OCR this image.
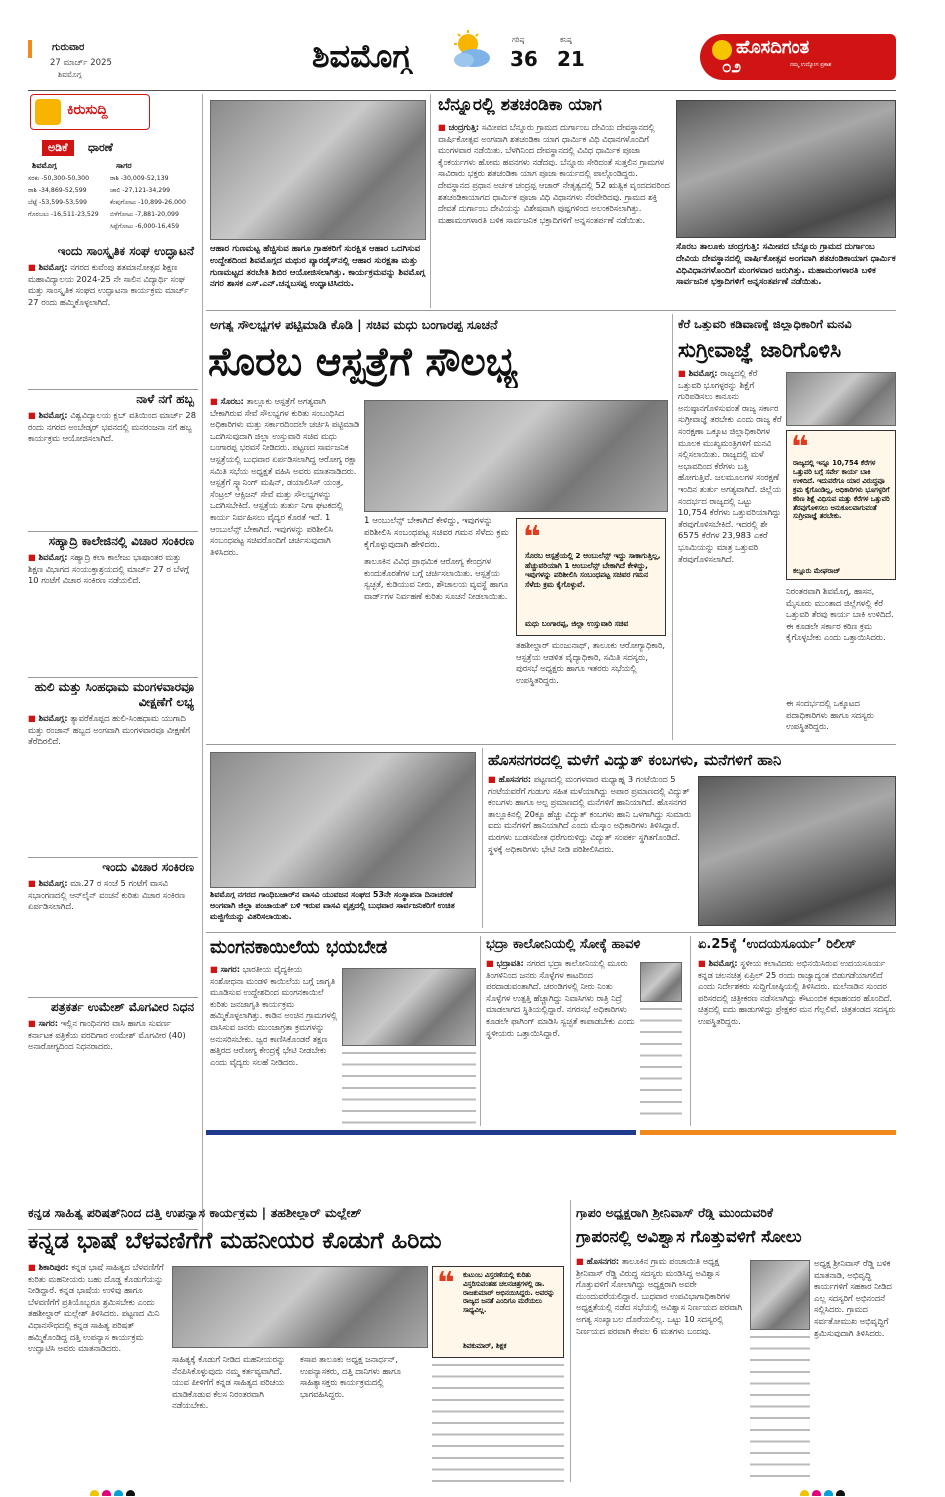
ಗುರುವಾರ
27 ಮಾರ್ಚ್ 2025
ಶಿವಮೊಗ್ಗ	ಶಿವಮೊಗ್ಗ	ಗರಿಷ್ಠ
36
ಕನಿಷ್ಠ
21	ಹೊಸದಿಗಂತ
ನಮ್ಮ ಉದ್ಯೋಗ ಪ್ರಕಾಶ
೦೨
ಕಿರುಸುದ್ದಿ
ಅಡಿಕೆ	ಧಾರಣೆ
ಶಿವಮೊಗ್ಗ	ಸಾಗರ
ಸರಕು -50,300-50,300	ರಾಶಿ -30,009-52,139
ರಾಶಿ -34,869-52,599	ಚಾಲಿ -27,121-34,299
ಬೆಟ್ಟೆ -53,599-53,599	ಕೆಂಪುಗೋಟು -10,899-26,000
ಗೊರಬಲು -16,511-23,529	ಬಿಳೆಗೋಟು -7,881-20,099
ಸಿಪ್ಪೆಗೋಟು -6,000-16,459
ಇಂದು ಸಾಂಸ್ಕೃತಿಕ ಸಂಘ ಉದ್ಘಾಟನೆ
■ ಶಿವಮೊಗ್ಗ: ನಗರದ ಕುವೆಂಪು ಶತಮಾನೋತ್ಸವ ಶಿಕ್ಷಣ ಮಹಾವಿದ್ಯಾಲಯ 2024-25 ನೇ ಸಾಲಿನ ವಿದ್ಯಾರ್ಥಿ ಸಂಘ ಮತ್ತು ಸಾಂಸ್ಕೃತಿಕ ಸಂಘದ ಉದ್ಘಾಟನಾ ಕಾರ್ಯಕ್ರಮ ಮಾರ್ಚ್ 27 ರಂದು ಹಮ್ಮಿಕೊಳ್ಳಲಾಗಿದೆ.
ನಾಳೆ ನಗೆ ಹಬ್ಬ
■ ಶಿವಮೊಗ್ಗ: ವಿಶ್ವವಿದ್ಯಾಲಯ ಕ್ಲಬ್ ವತಿಯಿಂದ ಮಾರ್ಚ್ 28 ರಂದು ನಗರದ ಅಂಬೇಡ್ಕರ್ ಭವನದಲ್ಲಿ ಮನರಂಜನಾ ನಗೆ ಹಬ್ಬ ಕಾರ್ಯಕ್ರಮ ಆಯೋಜಿಸಲಾಗಿದೆ.
ಸಹ್ಯಾದ್ರಿ ಕಾಲೇಜಿನಲ್ಲಿ ವಿಚಾರ ಸಂಕಿರಣ
■ ಶಿವಮೊಗ್ಗ: ಸಹ್ಯಾದ್ರಿ ಕಲಾ ಕಾಲೇಜು ಭಾಷಾಂತರ ಮತ್ತು ಶಿಕ್ಷಣ ವಿಭಾಗದ ಸಂಯುಕ್ತಾಶ್ರಯದಲ್ಲಿ ಮಾರ್ಚ್ 27 ರ ಬೆಳಗ್ಗೆ 10 ಗಂಟೆಗೆ ವಿಚಾರ ಸಂಕಿರಣ ನಡೆಯಲಿದೆ.
ಹುಲಿ ಮತ್ತು ಸಿಂಹಧಾಮ ಮಂಗಳವಾರವೂ ವೀಕ್ಷಣೆಗೆ ಲಭ್ಯ
■ ಶಿವಮೊಗ್ಗ: ತ್ಯಾವರೆಕೊಪ್ಪದ ಹುಲಿ-ಸಿಂಹಧಾಮ ಯುಗಾದಿ ಮತ್ತು ರಂಜಾನ್ ಹಬ್ಬದ ಅಂಗವಾಗಿ ಮಂಗಳವಾರವೂ ವೀಕ್ಷಣೆಗೆ ತೆರೆದಿರಲಿದೆ.
ಇಂದು ವಿಚಾರ ಸಂಕಿರಣ
■ ಶಿವಮೊಗ್ಗ: ಮಾ.27 ರ ಸಂಜೆ 5 ಗಂಟೆಗೆ ವಾಸವಿ ಸಭಾಂಗಣದಲ್ಲಿ ಆನ್‌ಲೈನ್ ವಂಚನೆ ಕುರಿತು ವಿಚಾರ ಸಂಕಿರಣ ಏರ್ಪಡಿಸಲಾಗಿದೆ.
ಪತ್ರಕರ್ತ ಉಮೇಶ್ ಮೊಗವೀರ ನಿಧನ
■ ಸಾಗರ: ಇಲ್ಲಿನ ಗಾಂಧಿನಗರ ವಾಸಿ ಹಾಗೂ ಸುವರ್ಣ ಕರ್ನಾಟಕ ಪತ್ರಿಕೆಯ ವರದಿಗಾರ ಉಮೇಶ್ ಮೊಗವೀರ (40) ಅನಾರೋಗ್ಯದಿಂದ ನಿಧನರಾದರು.
ಆಹಾರ ಗುಣಮಟ್ಟ ಹೆಚ್ಚಿಸುವ ಹಾಗೂ ಗ್ರಾಹಕರಿಗೆ ಸುರಕ್ಷಿತ ಆಹಾರ ಒದಗಿಸುವ ಉದ್ದೇಶದಿಂದ ಶಿವಮೊಗ್ಗದ ಮಥುರ ಪ್ಯಾರಡೈಸ್‌ನಲ್ಲಿ ಆಹಾರ ಸುರಕ್ಷತಾ ಮತ್ತು ಗುಣಮಟ್ಟದ ತರಬೇತಿ ಶಿಬಿರ ಆಯೋಜಿಸಲಾಗಿತ್ತು. ಕಾರ್ಯಕ್ರಮವನ್ನು ಶಿವಮೊಗ್ಗ ನಗರ ಶಾಸಕ ಎಸ್.ಎನ್.ಚನ್ನಬಸಪ್ಪ ಉದ್ಘಾಟಿಸಿದರು.
ಬೆನ್ನೂರಲ್ಲಿ ಶತಚಂಡಿಕಾ ಯಾಗ
■ ಚಂದ್ರಗುತ್ತಿ: ಸಮೀಪದ ಬೆನ್ನೂರು ಗ್ರಾಮದ ದುರ್ಗಾಂಬ ದೇವಿಯ ದೇವಸ್ಥಾನದಲ್ಲಿ ವಾರ್ಷಿಕೋತ್ಸವ ಅಂಗವಾಗಿ ಶತಚಂಡಿಕಾ ಯಾಗ ಧಾರ್ಮಿಕ ವಿಧಿ ವಿಧಾನಗಳೊಂದಿಗೆ ಮಂಗಳವಾರ ನಡೆಯಿತು. ಬೆಳಗಿನಿಂದ ದೇವಸ್ಥಾನದಲ್ಲಿ ವಿವಿಧ ಧಾರ್ಮಿಕ ಪೂಜಾ ಕೈಂಕರ್ಯಗಳು ಹೋಮ ಹವನಗಳು ನಡೆದವು. ಬೆನ್ನೂರು ಸೇರಿದಂತೆ ಸುತ್ತಲಿನ ಗ್ರಾಮಗಳ ಸಾವಿರಾರು ಭಕ್ತರು ಶತಚಂಡಿಕಾ ಯಾಗ ಪೂಜಾ ಕಾರ್ಯದಲ್ಲಿ ಪಾಲ್ಗೊಂಡಿದ್ದರು. ದೇವಸ್ಥಾನದ ಪ್ರಧಾನ ಅರ್ಚಕ ಚಂದ್ರಪ್ಪ ಆಚಾರ್ ನೇತೃತ್ವದಲ್ಲಿ 52 ಋತ್ವಿಕ ವೃಂದದವರಿಂದ ಶತಚಂಡಿಕಾಯಾಗದ ಧಾರ್ಮಿಕ ಪೂಜಾ ವಿಧಿ ವಿಧಾನಗಳು ನೆರವೇರಿದವು. ಗ್ರಾಮದ ಶಕ್ತಿ ದೇವತೆ ದುರ್ಗಾಂಬ ದೇವಿಯನ್ನು ವಿಶೇಷವಾಗಿ ಪುಷ್ಪಗಳಿಂದ ಅಲಂಕರಿಸಲಾಗಿತ್ತು. ಮಹಾಮಂಗಳಾರತಿ ಬಳಿಕ ಸಾರ್ವಜನಿಕ ಭಕ್ತಾದಿಗಳಿಗೆ ಅನ್ನಸಂತರ್ಪಣೆ ನಡೆಯಿತು.
ಸೊರಬ ತಾಲೂಕು ಚಂದ್ರಗುತ್ತಿ: ಸಮೀಪದ ಬೆನ್ನೂರು ಗ್ರಾಮದ ದುರ್ಗಾಂಬ ದೇವಿಯ ದೇವಸ್ಥಾನದಲ್ಲಿ ವಾರ್ಷಿಕೋತ್ಸವ ಅಂಗವಾಗಿ ಶತಚಂಡಿಕಾಯಾಗ ಧಾರ್ಮಿಕ ವಿಧಿವಿಧಾನಗಳೊಂದಿಗೆ ಮಂಗಳವಾರ ಜರುಗಿತ್ತು. ಮಹಾಮಂಗಳಾರತಿ ಬಳಿಕ ಸಾರ್ವಜನಿಕ ಭಕ್ತಾದಿಗಳಿಗೆ ಅನ್ನಸಂತರ್ಪಣೆ ನಡೆಯಿತು.
ಅಗತ್ಯ ಸೌಲಭ್ಯಗಳ ಪಟ್ಟಿಮಾಡಿ ಕೊಡಿ | ಸಚಿವ ಮಧು ಬಂಗಾರಪ್ಪ ಸೂಚನೆ
ಸೊರಬ ಆಸ್ಪತ್ರೆಗೆ ಸೌಲಭ್ಯ
■ ಸೊರಬ: ತಾಲ್ಲೂಕು ಆಸ್ಪತ್ರೆಗೆ ಅಗತ್ಯವಾಗಿ ಬೇಕಾಗಿರುವ ಸೇವೆ ಸೌಲಭ್ಯಗಳ ಕುರಿತು ಸಂಬಂಧಿಸಿದ ಅಧಿಕಾರಿಗಳು ಮತ್ತು ಸರ್ಕಾರದಿಂದಲೇ ಚರ್ಚಿಸಿ ಪಟ್ಟಿಮಾಡಿ ಒದಗಿಸುವುದಾಗಿ ಜಿಲ್ಲಾ ಉಸ್ತುವಾರಿ ಸಚಿವ ಮಧು ಬಂಗಾರಪ್ಪ ಭರವಸೆ ನೀಡಿದರು. ಪಟ್ಟಣದ ಸಾರ್ವಜನಿಕ ಆಸ್ಪತ್ರೆಯಲ್ಲಿ ಬುಧವಾರ ಏರ್ಪಡಿಸಲಾಗಿದ್ದ ಆರೋಗ್ಯ ರಕ್ಷಾ ಸಮಿತಿ ಸಭೆಯ ಅಧ್ಯಕ್ಷತೆ ವಹಿಸಿ ಅವರು ಮಾತನಾಡಿದರು. ಆಸ್ಪತ್ರೆಗೆ ಸ್ಕ್ಯಾನಿಂಗ್ ಮಷಿನ್, ಡಯಾಲಿಸಿಸ್ ಯಂತ್ರ, ಸೆಂಟ್ರಲ್ ಆಕ್ಸಿಜನ್ ಸೇವೆ ಮತ್ತು ಸೌಲಭ್ಯಗಳನ್ನು ಒದಗಿಸಬೇಕಿದೆ. ಆಸ್ಪತ್ರೆಯ ತುರ್ತು ನಿಗಾ ಘಟಕದಲ್ಲಿ ಕಾರ್ಯ ನಿರ್ವಹಿಸಲು ವೈದ್ಯರ ಕೊರತೆ ಇದೆ. 1 ಆಂಬುಲೆನ್ಸ್ ಬೇಕಾಗಿದೆ. ಇವುಗಳನ್ನು ಪರಿಶೀಲಿಸಿ ಸಂಬಂಧಪಟ್ಟ ಸಚಿವರೊಂದಿಗೆ ಚರ್ಚಿಸುವುದಾಗಿ ತಿಳಿಸಿದರು.
1 ಆಂಬುಲೆನ್ಸ್ ಬೇಕಾಗಿದೆ ಕೇಳಿದ್ದು, ಇವುಗಳನ್ನು ಪರಿಶೀಲಿಸಿ ಸಂಬಂಧಪಟ್ಟ ಸಚಿವರ ಗಮನ ಸೆಳೆದು ಕ್ರಮ ಕೈಗೊಳ್ಳುವುದಾಗಿ ಹೇಳಿದರು.	❝
ಸೊರಬ ಆಸ್ಪತ್ರೆಯಲ್ಲಿ 2 ಆಂಬುಲೆನ್ಸ್ ಇದ್ದು ಸಾಕಾಗುತ್ತಿಲ್ಲ, ಹೆಚ್ಚುವರಿಯಾಗಿ 1 ಆಂಬುಲೆನ್ಸ್ ಬೇಕಾಗಿದೆ ಕೇಳಿದ್ದು, ಇವುಗಳನ್ನು ಪರಿಶೀಲಿಸಿ ಸಂಬಂಧಪಟ್ಟ ಸಚಿವರ ಗಮನ ಸೆಳೆದು ಕ್ರಮ ಕೈಗೊಳ್ಳುವೆ.
ಮಧು ಬಂಗಾರಪ್ಪ, ಜಿಲ್ಲಾ ಉಸ್ತುವಾರಿ ಸಚಿವ
ತಾಲೂಕಿನ ವಿವಿಧ ಪ್ರಾಥಮಿಕ ಆರೋಗ್ಯ ಕೇಂದ್ರಗಳ ಕುಂದುಕೊರತೆಗಳ ಬಗ್ಗೆ ಚರ್ಚಿಸಲಾಯಿತು. ಆಸ್ಪತ್ರೆಯ ಸ್ವಚ್ಛತೆ, ಕುಡಿಯುವ ನೀರು, ಶೌಚಾಲಯ ವ್ಯವಸ್ಥೆ ಹಾಗೂ ವಾರ್ಡ್‌ಗಳ ನಿರ್ವಹಣೆ ಕುರಿತು ಸೂಚನೆ ನೀಡಲಾಯಿತು.
ತಹಶೀಲ್ದಾರ್ ಮಂಜುನಾಥ್, ತಾಲೂಕು ಆರೋಗ್ಯಾಧಿಕಾರಿ, ಆಸ್ಪತ್ರೆಯ ಆಡಳಿತ ವೈದ್ಯಾಧಿಕಾರಿ, ಸಮಿತಿ ಸದಸ್ಯರು, ಪುರಸಭೆ ಅಧ್ಯಕ್ಷರು ಹಾಗೂ ಇತರರು ಸಭೆಯಲ್ಲಿ ಉಪಸ್ಥಿತರಿದ್ದರು.
ಕೆರೆ ಒತ್ತುವರಿ ಕಡಿವಾಣಕ್ಕೆ ಜಿಲ್ಲಾಧಿಕಾರಿಗೆ ಮನವಿ
ಸುಗ್ರೀವಾಜ್ಞೆ ಜಾರಿಗೊಳಿಸಿ
■ ಶಿವಮೊಗ್ಗ: ರಾಜ್ಯದಲ್ಲಿ ಕೆರೆ ಒತ್ತುವರಿ ಭೂಗಳ್ಳರನ್ನು ಶಿಕ್ಷೆಗೆ ಗುರಿಪಡಿಸಲು ಕಾನೂನು ಅನುಷ್ಠಾನಗೊಳಿಸುವಂತೆ ರಾಜ್ಯ ಸರ್ಕಾರ ಸುಗ್ರೀವಾಜ್ಞೆ ತರಬೇಕು ಎಂದು ರಾಜ್ಯ ಕೆರೆ ಸಂರಕ್ಷಣಾ ಒಕ್ಕೂಟ ಜಿಲ್ಲಾಧಿಕಾರಿಗಳ ಮೂಲಕ ಮುಖ್ಯಮಂತ್ರಿಗಳಿಗೆ ಮನವಿ ಸಲ್ಲಿಸಲಾಯಿತು. ರಾಜ್ಯದಲ್ಲಿ ಮಳೆ ಅಭಾವದಿಂದ ಕೆರೆಗಳು ಬತ್ತಿ ಹೋಗುತ್ತಿವೆ. ಜಲಮೂಲಗಳ ಸಂರಕ್ಷಣೆ ಇಂದಿನ ತುರ್ತು ಅಗತ್ಯವಾಗಿದೆ. ಜಿಲ್ಲೆಯ ಸಂದರ್ಭದ ರಾಜ್ಯದಲ್ಲಿ ಒಟ್ಟು 10,754 ಕೆರೆಗಳು ಒತ್ತುವರಿಯಾಗಿದ್ದು ತೆರವುಗೊಳಿಸಬೇಕಿದೆ. ಇದರಲ್ಲಿ ಶೇ 6575 ಕೆರೆಗಳ 23,983 ಎಕರೆ ಭೂಮಿಯನ್ನು ಮಾತ್ರ ಒತ್ತುವರಿ ತೆರವುಗೊಳಿಸಲಾಗಿದೆ.
❝
ರಾಜ್ಯದಲ್ಲಿ ಇನ್ನೂ 10,754 ಕೆರೆಗಳ ಒತ್ತುವರಿ ಬಗ್ಗೆ ಸರ್ವೇ ಕಾರ್ಯ ಬಾಕಿ ಉಳಿದಿದೆ. ಇದುವರೆಗೂ ಯಾರ ವಿರುದ್ಧವೂ ಕ್ರಮ ಕೈಗೊಂಡಿಲ್ಲ, ಅಧಿಕಾರಿಗಳು ಭೂಗಳ್ಳರಿಗೆ ಕಠಿಣ ಶಿಕ್ಷೆ ವಿಧಿಸುವ ಮತ್ತು ಕೆರೆಗಳ ಒತ್ತುವರಿ ತೆರವುಗೊಳಿಸಲು ಅನುಕೂಲವಾಗುವಂತೆ ಸುಗ್ರೀವಾಜ್ಞೆ ತರಬೇಕು.
ಕಲ್ಲೂರು ಮೇಘರಾಜ್
ನಿರಂತರವಾಗಿ ಶಿವಮೊಗ್ಗ, ಹಾಸನ, ಮೈಸೂರು ಮುಂತಾದ ಜಿಲ್ಲೆಗಳಲ್ಲಿ ಕೆರೆ ಒತ್ತುವರಿ ತೆರವು ಕಾರ್ಯ ಬಾಕಿ ಉಳಿದಿದೆ. ಈ ಕೂಡಲೇ ಸರ್ಕಾರ ಕಠಿಣ ಕ್ರಮ ಕೈಗೊಳ್ಳಬೇಕು ಎಂದು ಒತ್ತಾಯಿಸಿದರು.
ಈ ಸಂದರ್ಭದಲ್ಲಿ ಒಕ್ಕೂಟದ ಪದಾಧಿಕಾರಿಗಳು ಹಾಗೂ ಸದಸ್ಯರು ಉಪಸ್ಥಿತರಿದ್ದರು.
ಶಿವಮೊಗ್ಗ ನಗರದ ಗಾಂಧಿಬಜಾರ್‌ನ ವಾಸವಿ ಯುವಜನ ಸಂಘದ 53ನೇ ಸಂಸ್ಥಾಪನಾ ದಿನಾಚರಣೆ ಅಂಗವಾಗಿ ಜಿಲ್ಲಾ ಪಂಚಾಯತ್ ಬಳಿ ಇರುವ ವಾಸವಿ ವೃತ್ತದಲ್ಲಿ ಬುಧವಾರ ಸಾರ್ವಜನಿಕರಿಗೆ ಉಚಿತ ಮಜ್ಜಿಗೆಯನ್ನು ವಿತರಿಸಲಾಯಿತು.
ಹೊಸನಗರದಲ್ಲಿ ಮಳೆಗೆ ವಿದ್ಯುತ್ ಕಂಬಗಳು, ಮನೆಗಳಿಗೆ ಹಾನಿ
■ ಹೊಸನಗರ: ಪಟ್ಟಣದಲ್ಲಿ ಮಂಗಳವಾರ ಮಧ್ಯಾಹ್ನ 3 ಗಂಟೆಯಿಂದ 5 ಗಂಟೆಯವರೆಗೆ ಗುಡುಗು ಸಹಿತ ಮಳೆಯಾಗಿದ್ದು ಅಪಾರ ಪ್ರಮಾಣದಲ್ಲಿ ವಿದ್ಯುತ್ ಕಂಬಗಳು ಹಾಗೂ ಅಲ್ಪ ಪ್ರಮಾಣದಲ್ಲಿ ಮನೆಗಳಿಗೆ ಹಾನಿಯಾಗಿದೆ. ಹೊಸನಗರ ತಾಲ್ಲೂಕಿನಲ್ಲಿ 20ಕ್ಕೂ ಹೆಚ್ಚು ವಿದ್ಯುತ್ ಕಂಬಗಳು ಹಾನಿ ಒಳಗಾಗಿದ್ದು ಸುಮಾರು ಐದು ಮನೆಗಳಿಗೆ ಹಾನಿಯಾಗಿದೆ ಎಂದು ಮೆಸ್ಕಾಂ ಅಧಿಕಾರಿಗಳು ತಿಳಿಸಿದ್ದಾರೆ. ಮರಗಳು ಬುಡಸಮೇತ ಧರೆಗುರುಳಿದ್ದು ವಿದ್ಯುತ್ ಸಂಪರ್ಕ ಸ್ಥಗಿತಗೊಂಡಿದೆ. ಸ್ಥಳಕ್ಕೆ ಅಧಿಕಾರಿಗಳು ಭೇಟಿ ನೀಡಿ ಪರಿಶೀಲಿಸಿದರು.
ಮಂಗನಕಾಯಿಲೆಯ ಭಯಬೇಡ
■ ಸಾಗರ: ಭಾರತೀಯ ವೈದ್ಯಕೀಯ ಸಂಶೋಧನಾ ಮಂಡಳಿ ಕಾಯಿಲೆಯ ಬಗ್ಗೆ ಜಾಗೃತಿ ಮೂಡಿಸುವ ಉದ್ದೇಶದಿಂದ ಮಂಗನಕಾಯಿಲೆ ಕುರಿತು ಜನಜಾಗೃತಿ ಕಾರ್ಯಕ್ರಮ ಹಮ್ಮಿಕೊಳ್ಳಲಾಗಿತ್ತು. ಕಾಡಿನ ಅಂಚಿನ ಗ್ರಾಮಗಳಲ್ಲಿ ವಾಸಿಸುವ ಜನರು ಮುಂಜಾಗ್ರತಾ ಕ್ರಮಗಳನ್ನು ಅನುಸರಿಸಬೇಕು. ಜ್ವರ ಕಾಣಿಸಿಕೊಂಡರೆ ತಕ್ಷಣ ಹತ್ತಿರದ ಆರೋಗ್ಯ ಕೇಂದ್ರಕ್ಕೆ ಭೇಟಿ ನೀಡಬೇಕು ಎಂದು ವೈದ್ಯರು ಸಲಹೆ ನೀಡಿದರು.
ಭದ್ರಾ ಕಾಲೋನಿಯಲ್ಲಿ ಸೋಕ್ಕೆ ಹಾವಳಿ
■ ಭದ್ರಾವತಿ: ನಗರದ ಭದ್ರಾ ಕಾಲೋನಿಯಲ್ಲಿ ಮೂರು ತಿಂಗಳಿನಿಂದ ಜನರು ಸೊಳ್ಳೆಗಳ ಕಾಟದಿಂದ ಪರದಾಡುವಂತಾಗಿದೆ. ಚರಂಡಿಗಳಲ್ಲಿ ನೀರು ನಿಂತು ಸೊಳ್ಳೆಗಳ ಉತ್ಪತ್ತಿ ಹೆಚ್ಚಾಗಿದ್ದು ನಿವಾಸಿಗಳು ರಾತ್ರಿ ನಿದ್ರೆ ಮಾಡಲಾಗದ ಸ್ಥಿತಿಯಲ್ಲಿದ್ದಾರೆ. ನಗರಸಭೆ ಅಧಿಕಾರಿಗಳು ಕೂಡಲೇ ಫಾಗಿಂಗ್ ಮಾಡಿಸಿ ಸ್ವಚ್ಛತೆ ಕಾಪಾಡಬೇಕು ಎಂದು ಸ್ಥಳೀಯರು ಒತ್ತಾಯಿಸಿದ್ದಾರೆ.
ಏ.25ಕ್ಕೆ ‘ಉದಯಸೂರ್ಯ’ ರಿಲೀಸ್
■ ಶಿವಮೊಗ್ಗ: ಸ್ಥಳೀಯ ಕಲಾವಿದರು ಅಭಿನಯಿಸಿರುವ ಉದಯಸೂರ್ಯ ಕನ್ನಡ ಚಲನಚಿತ್ರ ಏಪ್ರಿಲ್ 25 ರಂದು ರಾಜ್ಯಾದ್ಯಂತ ಬಿಡುಗಡೆಯಾಗಲಿದೆ ಎಂದು ನಿರ್ದೇಶಕರು ಸುದ್ದಿಗೋಷ್ಠಿಯಲ್ಲಿ ತಿಳಿಸಿದರು. ಮಲೆನಾಡಿನ ಸುಂದರ ಪರಿಸರದಲ್ಲಿ ಚಿತ್ರೀಕರಣ ನಡೆಸಲಾಗಿದ್ದು ಕೌಟುಂಬಿಕ ಕಥಾಹಂದರ ಹೊಂದಿದೆ. ಚಿತ್ರದಲ್ಲಿ ಐದು ಹಾಡುಗಳಿದ್ದು ಪ್ರೇಕ್ಷಕರ ಮನ ಗೆಲ್ಲಲಿವೆ. ಚಿತ್ರತಂಡದ ಸದಸ್ಯರು ಉಪಸ್ಥಿತರಿದ್ದರು.
ಕನ್ನಡ ಸಾಹಿತ್ಯ ಪರಿಷತ್‌ನಿಂದ ದತ್ತಿ ಉಪನ್ಯಾಸ ಕಾರ್ಯಕ್ರಮ | ತಹಶೀಲ್ದಾರ್ ಮಲ್ಲೇಶ್
ಕನ್ನಡ ಭಾಷೆ ಬೆಳವಣಿಗೆಗೆ ಮಹನೀಯರ ಕೊಡುಗೆ ಹಿರಿದು
■ ಶಿಕಾರಿಪುರ: ಕನ್ನಡ ಭಾಷೆ ಸಾಹಿತ್ಯದ ಬೆಳವಣಿಗೆಗೆ ಕುರಿತು ಮಹನೀಯರು ಬಹು ದೊಡ್ಡ ಕೊಡುಗೆಯನ್ನು ನೀಡಿದ್ದಾರೆ. ಕನ್ನಡ ಭಾಷೆಯ ಉಳಿವು ಹಾಗೂ ಬೆಳವಣಿಗೆಗೆ ಪ್ರತಿಯೊಬ್ಬರೂ ಶ್ರಮಿಸಬೇಕು ಎಂದು ತಹಶೀಲ್ದಾರ್ ಮಲ್ಲೇಶ್ ತಿಳಿಸಿದರು. ಪಟ್ಟಣದ ಮಿನಿ ವಿಧಾನಸೌಧದಲ್ಲಿ ಕನ್ನಡ ಸಾಹಿತ್ಯ ಪರಿಷತ್ ಹಮ್ಮಿಕೊಂಡಿದ್ದ ದತ್ತಿ ಉಪನ್ಯಾಸ ಕಾರ್ಯಕ್ರಮ ಉದ್ಘಾಟಿಸಿ ಅವರು ಮಾತನಾಡಿದರು.
❝ ಕುಟುಂಬ ವಿಸ್ತರಣೆಯಲ್ಲಿ ಕುರಿತು ವಿಸ್ತರಿಸುವಂತಹ ಚಲನಚಿತ್ರಗಳಲ್ಲಿ ಡಾ. ರಾಜಕುಮಾರ್ ಅಭಿನಯಿಸಿದ್ದರು. ಅವರನ್ನು ರಾಜ್ಯದ ಜನತೆ ಎಂದಿಗೂ ಮರೆಯಲು ಸಾಧ್ಯವಿಲ್ಲ.
ಶಿವಕುಮಾರ್, ಶಿಕ್ಷಕ
ಸಾಹಿತ್ಯಕ್ಕೆ ಕೊಡುಗೆ ನೀಡಿದ ಮಹನೀಯರನ್ನು ನೆನಪಿಸಿಕೊಳ್ಳುವುದು ನಮ್ಮ ಕರ್ತವ್ಯವಾಗಿದೆ. ಯುವ ಪೀಳಿಗೆಗೆ ಕನ್ನಡ ಸಾಹಿತ್ಯದ ಪರಿಚಯ ಮಾಡಿಕೊಡುವ ಕೆಲಸ ನಿರಂತರವಾಗಿ ನಡೆಯಬೇಕು.
ಕಸಾಪ ತಾಲೂಕು ಅಧ್ಯಕ್ಷ ಜನಾರ್ಧನ್, ಉಪನ್ಯಾಸಕರು, ದತ್ತಿ ದಾನಿಗಳು ಹಾಗೂ ಸಾಹಿತ್ಯಾಸಕ್ತರು ಕಾರ್ಯಕ್ರಮದಲ್ಲಿ ಭಾಗವಹಿಸಿದ್ದರು.
ಗ್ರಾಪಂ ಅಧ್ಯಕ್ಷರಾಗಿ ಶ್ರೀನಿವಾಸ್ ರೆಡ್ಡಿ ಮುಂದುವರಿಕೆ
ಗ್ರಾಪಂನಲ್ಲಿ ಅವಿಶ್ವಾಸ ಗೊತ್ತುವಳಿಗೆ ಸೋಲು
■ ಹೊಸನಗರ: ತಾಲೂಕಿನ ಗ್ರಾಮ ಪಂಚಾಯಿತಿ ಅಧ್ಯಕ್ಷ ಶ್ರೀನಿವಾಸ್ ರೆಡ್ಡಿ ವಿರುದ್ಧ ಸದಸ್ಯರು ಮಂಡಿಸಿದ್ದ ಅವಿಶ್ವಾಸ ಗೊತ್ತುವಳಿಗೆ ಸೋಲಾಗಿದ್ದು ಅಧ್ಯಕ್ಷರಾಗಿ ಅವರೇ ಮುಂದುವರೆಯಲಿದ್ದಾರೆ. ಬುಧವಾರ ಉಪವಿಭಾಗಾಧಿಕಾರಿಗಳ ಅಧ್ಯಕ್ಷತೆಯಲ್ಲಿ ನಡೆದ ಸಭೆಯಲ್ಲಿ ಅವಿಶ್ವಾಸ ನಿರ್ಣಯದ ಪರವಾಗಿ ಅಗತ್ಯ ಸಂಖ್ಯಾಬಲ ದೊರೆಯಲಿಲ್ಲ. ಒಟ್ಟು 10 ಸದಸ್ಯರಲ್ಲಿ ನಿರ್ಣಯದ ಪರವಾಗಿ ಕೇವಲ 6 ಮತಗಳು ಬಂದವು.
ಅಧ್ಯಕ್ಷ ಶ್ರೀನಿವಾಸ್ ರೆಡ್ಡಿ ಬಳಿಕ ಮಾತನಾಡಿ, ಅಭಿವೃದ್ಧಿ ಕಾರ್ಯಗಳಿಗೆ ಸಹಕಾರ ನೀಡಿದ ಎಲ್ಲ ಸದಸ್ಯರಿಗೆ ಅಭಿನಂದನೆ ಸಲ್ಲಿಸಿದರು. ಗ್ರಾಮದ ಸರ್ವತೋಮುಖ ಅಭಿವೃದ್ಧಿಗೆ ಶ್ರಮಿಸುವುದಾಗಿ ತಿಳಿಸಿದರು.
